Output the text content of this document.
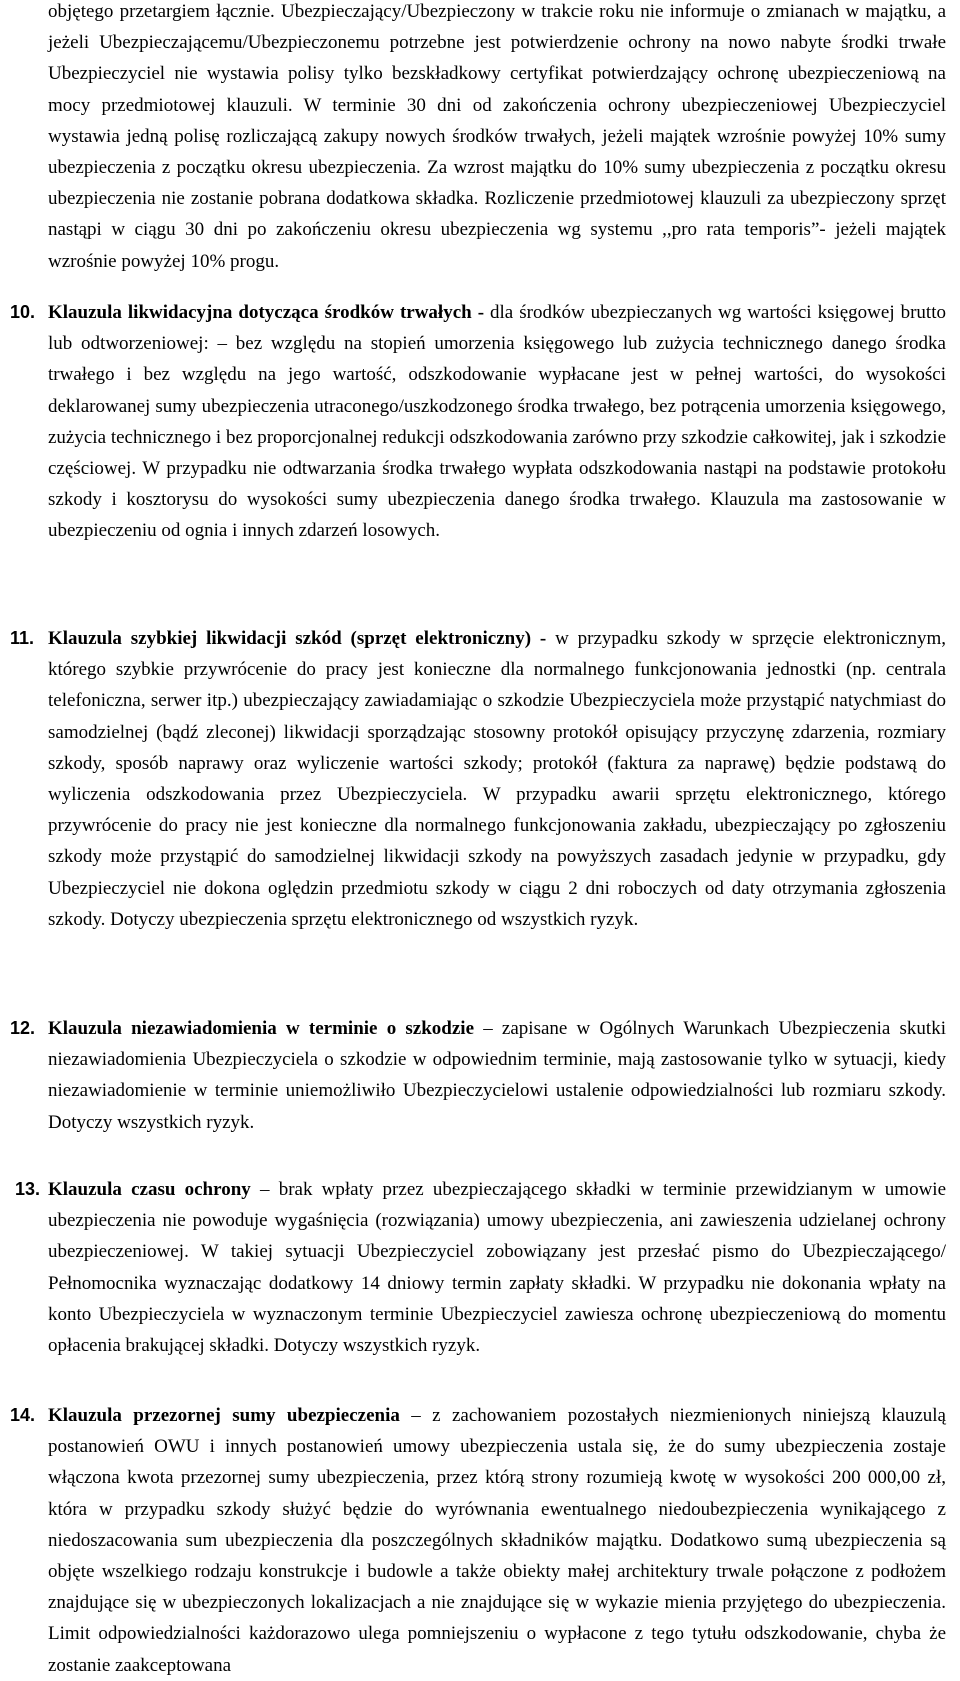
objętego przetargiem łącznie. Ubezpieczający/Ubezpieczony w trakcie roku nie informuje o zmianach w majątku, a jeżeli Ubezpieczającemu/Ubezpieczonemu potrzebne jest potwierdzenie ochrony na nowo nabyte środki trwałe Ubezpieczyciel nie wystawia polisy tylko bezskładkowy certyfikat potwierdzający ochronę ubezpieczeniową na mocy przedmiotowej klauzuli. W terminie 30 dni od zakończenia ochrony ubezpieczeniowej Ubezpieczyciel wystawia jedną polisę rozliczającą zakupy nowych środków trwałych, jeżeli majątek wzrośnie powyżej 10% sumy ubezpieczenia z początku okresu ubezpieczenia. Za wzrost majątku do 10% sumy ubezpieczenia z początku okresu ubezpieczenia nie zostanie pobrana dodatkowa składka. Rozliczenie przedmiotowej klauzuli za ubezpieczony sprzęt nastąpi w ciągu 30 dni po zakończeniu okresu ubezpieczenia wg systemu ,,pro rata temporis”- jeżeli majątek wzrośnie powyżej 10% progu.

10. Klauzula likwidacyjna dotycząca środków trwałych - dla środków ubezpieczanych wg wartości księgowej brutto lub odtworzeniowej: – bez względu na stopień umorzenia księgowego lub zużycia technicznego danego środka trwałego i bez względu na jego wartość, odszkodowanie wypłacane jest w pełnej wartości, do wysokości deklarowanej sumy ubezpieczenia utraconego/uszkodzonego środka trwałego, bez potrącenia umorzenia księgowego, zużycia technicznego i bez proporcjonalnej redukcji odszkodowania zarówno przy szkodzie całkowitej, jak i szkodzie częściowej. W przypadku nie odtwarzania środka trwałego wypłata odszkodowania nastąpi na podstawie protokołu szkody i kosztorysu do wysokości sumy ubezpieczenia danego środka trwałego. Klauzula ma zastosowanie w ubezpieczeniu od ognia i innych zdarzeń losowych.

11. Klauzula szybkiej likwidacji szkód (sprzęt elektroniczny) - w przypadku szkody w sprzęcie elektronicznym, którego szybkie przywrócenie do pracy jest konieczne dla normalnego funkcjonowania jednostki (np. centrala telefoniczna, serwer itp.) ubezpieczający zawiadamiając o szkodzie Ubezpieczyciela może przystąpić natychmiast do samodzielnej (bądź zleconej) likwidacji sporządzając stosowny protokół opisujący przyczynę zdarzenia, rozmiary szkody, sposób naprawy oraz wyliczenie wartości szkody; protokół (faktura za naprawę) będzie podstawą do wyliczenia odszkodowania przez Ubezpieczyciela. W przypadku awarii sprzętu elektronicznego, którego przywrócenie do pracy nie jest konieczne dla normalnego funkcjonowania zakładu, ubezpieczający po zgłoszeniu szkody może przystąpić do samodzielnej likwidacji szkody na powyższych zasadach jedynie w przypadku, gdy Ubezpieczyciel nie dokona oględzin przedmiotu szkody w ciągu 2 dni roboczych od daty otrzymania zgłoszenia szkody. Dotyczy ubezpieczenia sprzętu elektronicznego od wszystkich ryzyk.

12. Klauzula niezawiadomienia w terminie o szkodzie – zapisane w Ogólnych Warunkach Ubezpieczenia skutki niezawiadomienia Ubezpieczyciela o szkodzie w odpowiednim terminie, mają zastosowanie tylko w sytuacji, kiedy niezawiadomienie w terminie uniemożliwiło Ubezpieczycielowi ustalenie odpowiedzialności lub rozmiaru szkody. Dotyczy wszystkich ryzyk.

13. Klauzula czasu ochrony – brak wpłaty przez ubezpieczającego składki w terminie przewidzianym w umowie ubezpieczenia nie powoduje wygaśnięcia (rozwiązania) umowy ubezpieczenia, ani zawieszenia udzielanej ochrony ubezpieczeniowej. W takiej sytuacji Ubezpieczyciel zobowiązany jest przesłać pismo do Ubezpieczającego/ Pełnomocnika wyznaczając dodatkowy 14 dniowy termin zapłaty składki. W przypadku nie dokonania wpłaty na konto Ubezpieczyciela w wyznaczonym terminie Ubezpieczyciel zawiesza ochronę ubezpieczeniową do momentu opłacenia brakującej składki. Dotyczy wszystkich ryzyk.

14. Klauzula przezornej sumy ubezpieczenia – z zachowaniem pozostałych niezmienionych niniejszą klauzulą postanowień OWU i innych postanowień umowy ubezpieczenia ustala się, że do sumy ubezpieczenia zostaje włączona kwota przezornej sumy ubezpieczenia, przez którą strony rozumieją kwotę w wysokości 200 000,00 zł, która w przypadku szkody służyć będzie do wyrównania ewentualnego niedoubezpieczenia wynikającego z niedoszacowania sum ubezpieczenia dla poszczególnych składników majątku. Dodatkowo sumą ubezpieczenia są objęte wszelkiego rodzaju konstrukcje i budowle a także obiekty małej architektury trwale połączone z podłożem znajdujące się w ubezpieczonych lokalizacjach a nie znajdujące się w wykazie mienia przyjętego do ubezpieczenia. Limit odpowiedzialności każdorazowo ulega pomniejszeniu o wypłacone z tego tytułu odszkodowanie, chyba że zostanie zaakceptowana
